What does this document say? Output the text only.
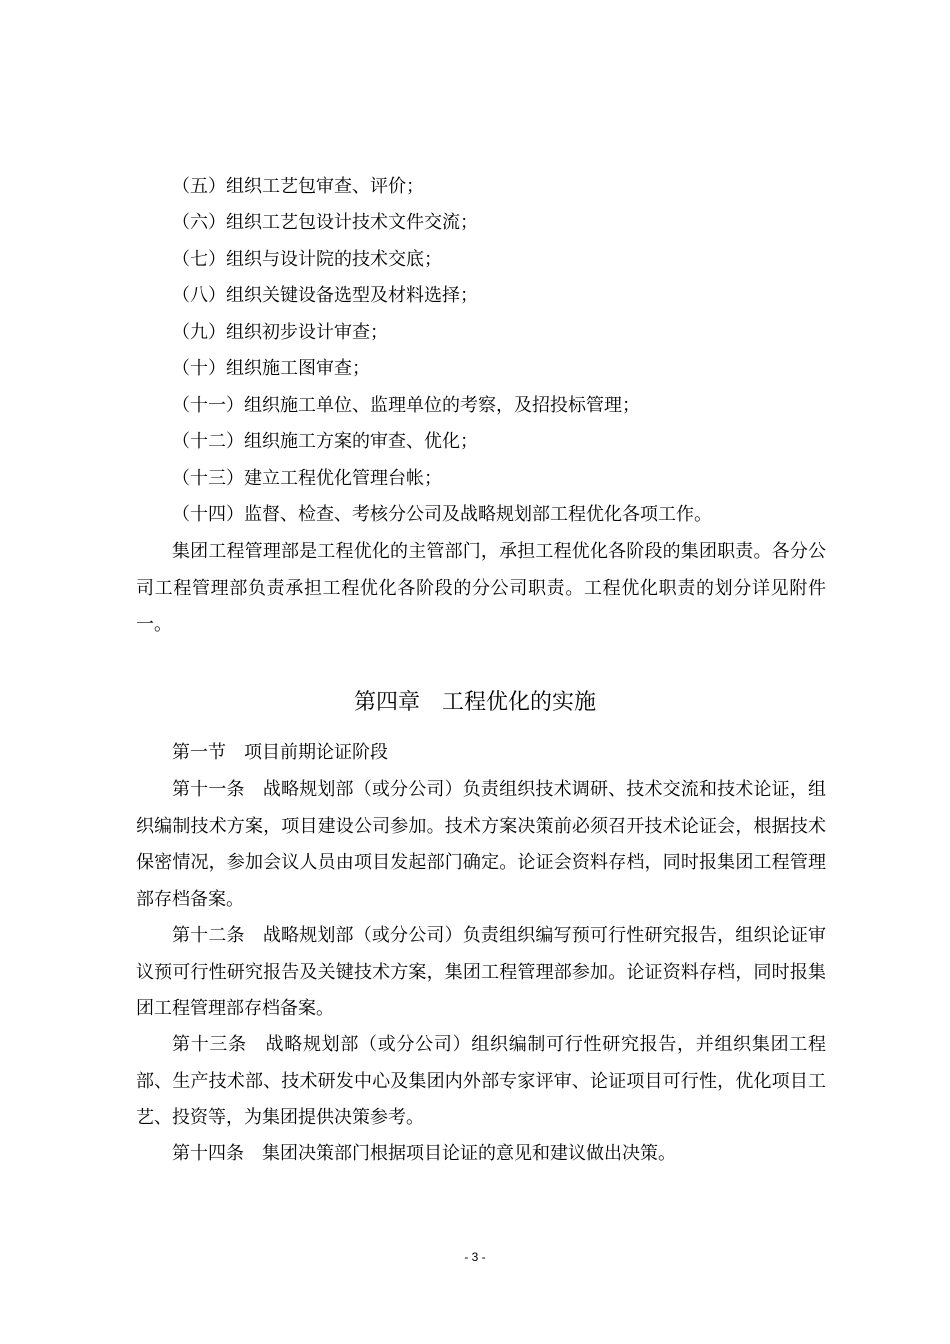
（五）组织工艺包审查、评价；
（六）组织工艺包设计技术文件交流；
（七）组织与设计院的技术交底；
（八）组织关键设备选型及材料选择；
（九）组织初步设计审查；
（十）组织施工图审查；
（十一）组织施工单位、监理单位的考察，及招投标管理；
（十二）组织施工方案的审查、优化；
（十三）建立工程优化管理台帐；
（十四）监督、检查、考核分公司及战略规划部工程优化各项工作。
集团工程管理部是工程优化的主管部门，承担工程优化各阶段的集团职责。各分公司工程管理部负责承担工程优化各阶段的分公司职责。工程优化职责的划分详见附件一。
第四章　工程优化的实施
第一节　项目前期论证阶段
第十一条　战略规划部（或分公司）负责组织技术调研、技术交流和技术论证，组织编制技术方案，项目建设公司参加。技术方案决策前必须召开技术论证会，根据技术保密情况，参加会议人员由项目发起部门确定。论证会资料存档，同时报集团工程管理部存档备案。
第十二条　战略规划部（或分公司）负责组织编写预可行性研究报告，组织论证审议预可行性研究报告及关键技术方案，集团工程管理部参加。论证资料存档，同时报集团工程管理部存档备案。
第十三条　战略规划部（或分公司）组织编制可行性研究报告，并组织集团工程部、生产技术部、技术研发中心及集团内外部专家评审、论证项目可行性，优化项目工艺、投资等，为集团提供决策参考。
第十四条　集团决策部门根据项目论证的意见和建议做出决策。
- 3 -
